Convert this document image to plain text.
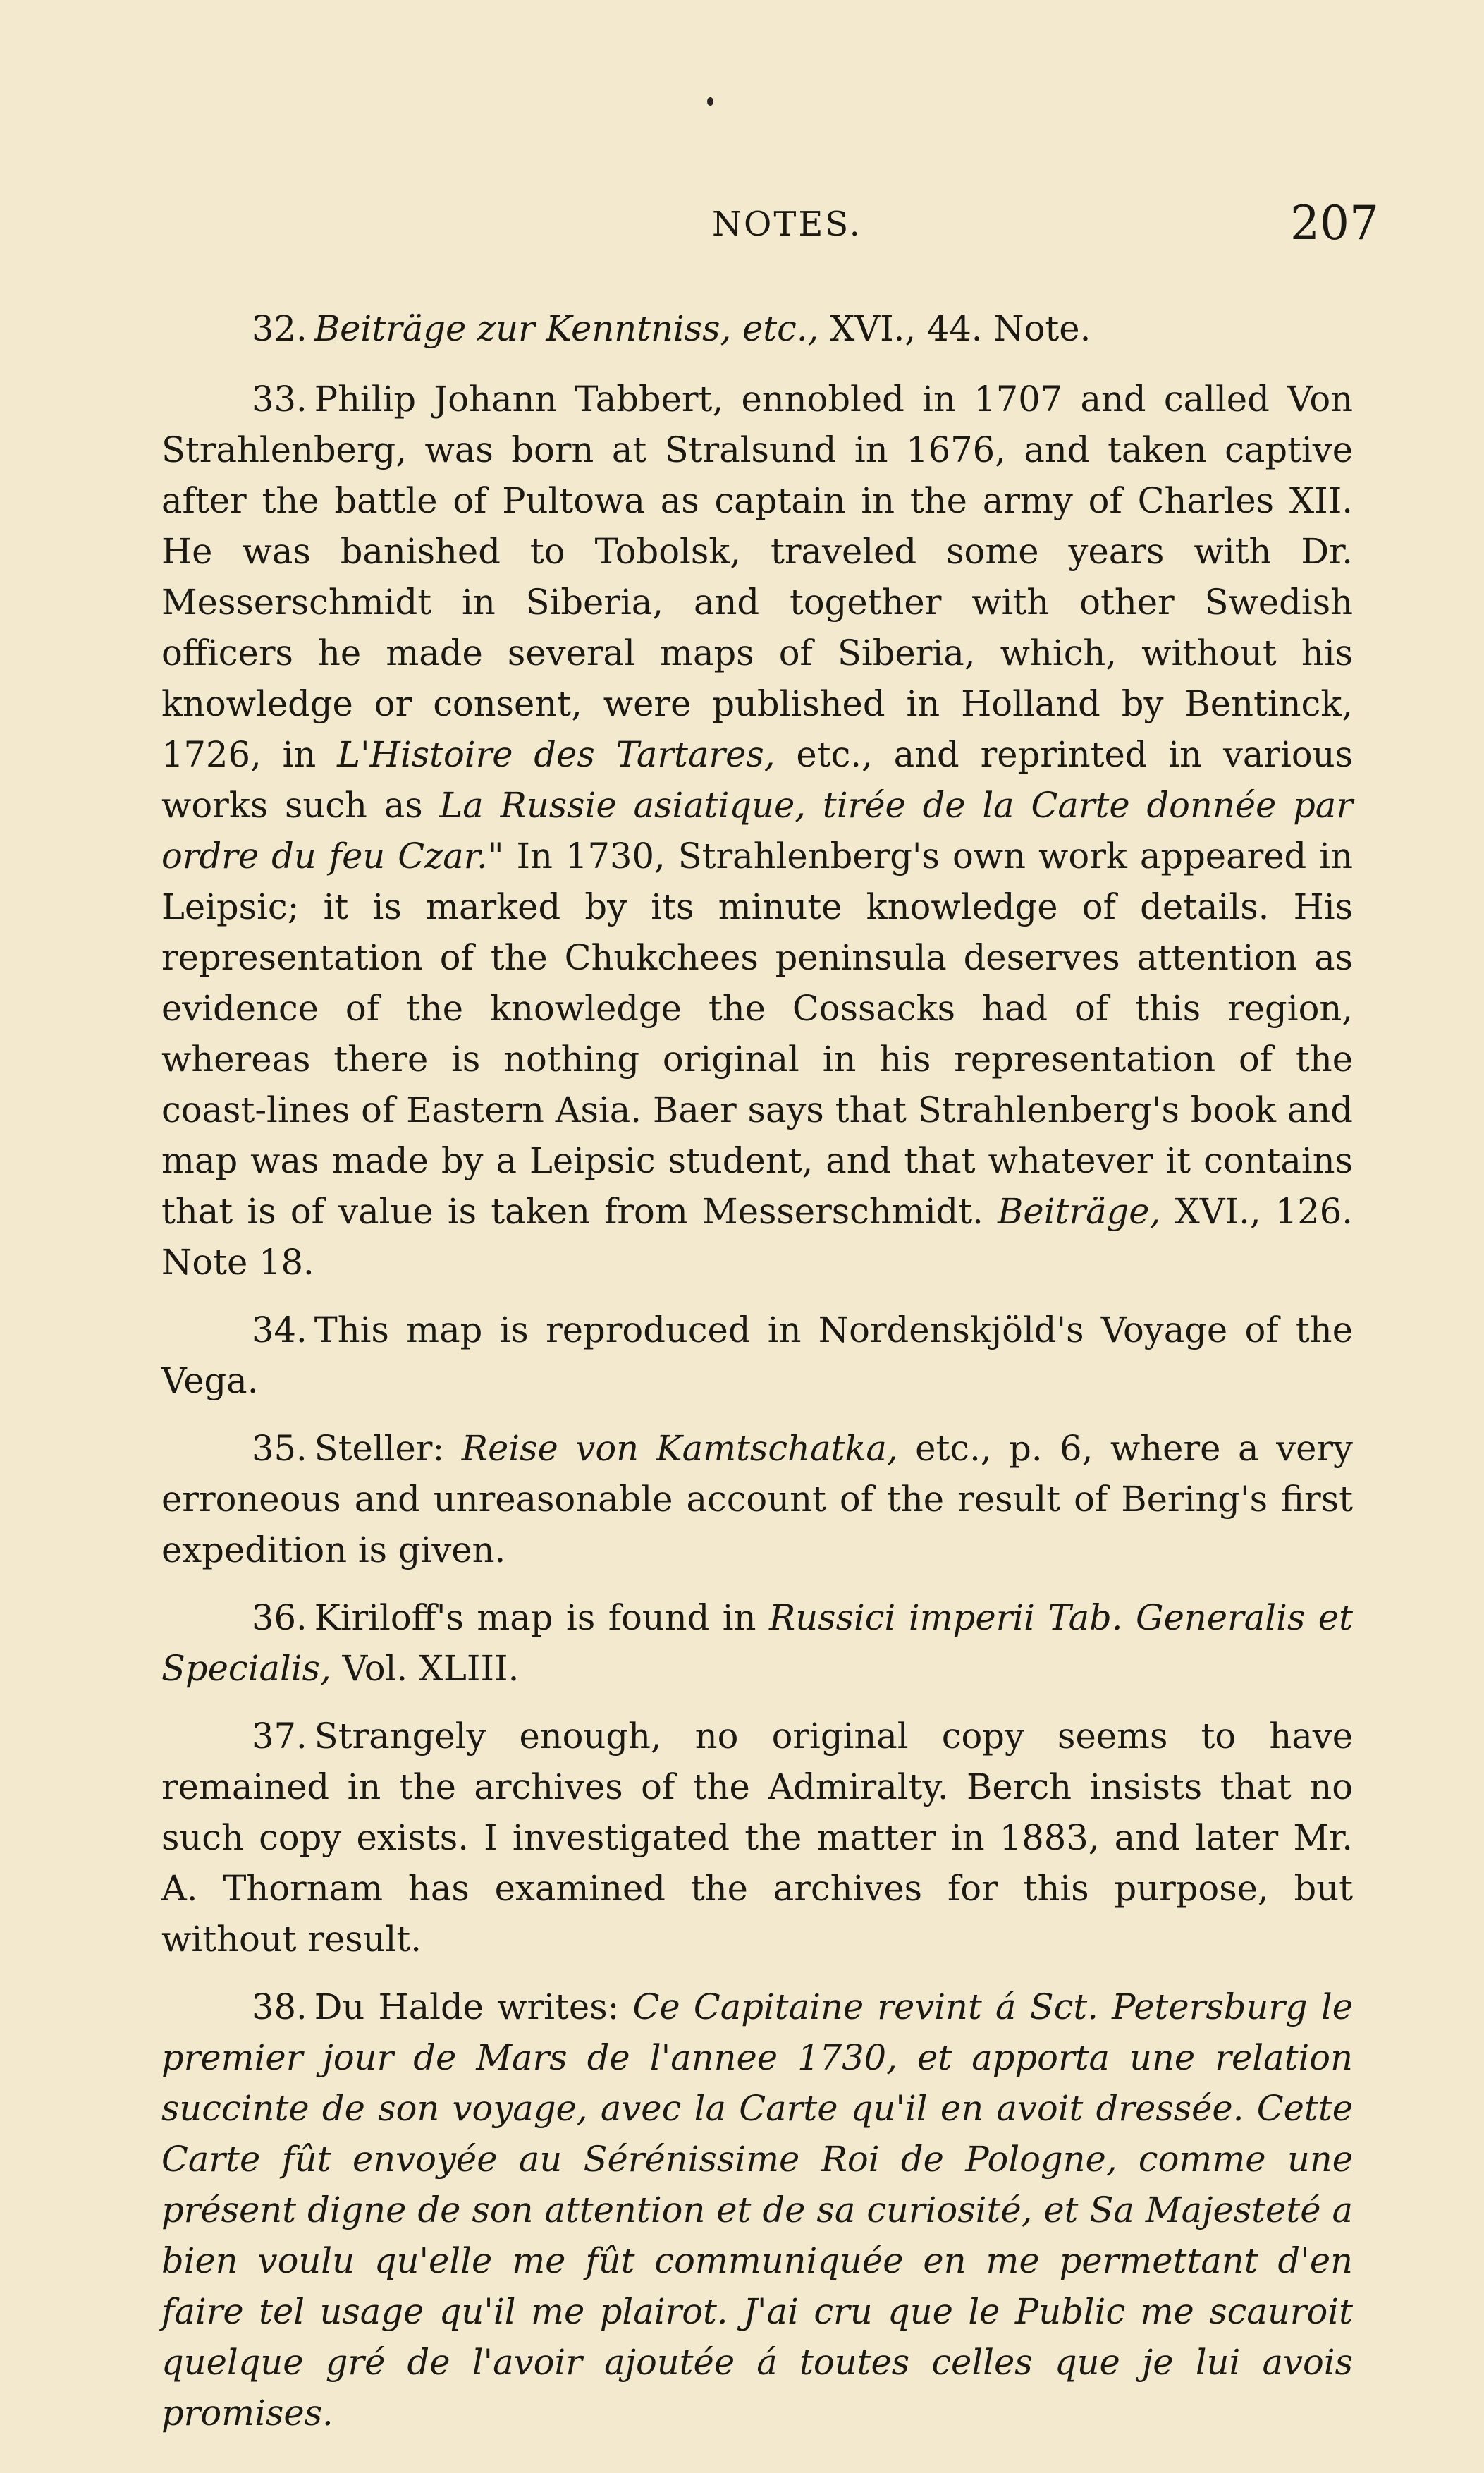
NOTES.	207

32. Beiträge zur Kenntniss, etc., XVI., 44. Note.

33. Philip Johann Tabbert, ennobled in 1707 and called Von Strahlenberg, was born at Stralsund in 1676, and taken captive after the battle of Pultowa as captain in the army of Charles XII. He was banished to Tobolsk, traveled some years with Dr. Messerschmidt in Siberia, and together with other Swedish officers he made several maps of Siberia, which, without his knowledge or consent, were published in Holland by Bentinck, 1726, in L'Histoire des Tartares, etc., and reprinted in various works such as La Russie asiatique, tirée de la Carte donnée par ordre du feu Czar." In 1730, Strahlenberg's own work appeared in Leipsic; it is marked by its minute knowledge of details. His representation of the Chukchees peninsula deserves attention as evidence of the knowledge the Cossacks had of this region, whereas there is nothing original in his representation of the coast-lines of Eastern Asia. Baer says that Strahlenberg's book and map was made by a Leipsic student, and that whatever it contains that is of value is taken from Messerschmidt. Beiträge, XVI., 126. Note 18.

34. This map is reproduced in Nordenskjöld's Voyage of the Vega.

35. Steller: Reise von Kamtschatka, etc., p. 6, where a very erroneous and unreasonable account of the result of Bering's first expedition is given.

36. Kiriloff's map is found in Russici imperii Tab. Generalis et Specialis, Vol. XLIII.

37. Strangely enough, no original copy seems to have remained in the archives of the Admiralty. Berch insists that no such copy exists. I investigated the matter in 1883, and later Mr. A. Thornam has examined the archives for this purpose, but without result.

38. Du Halde writes: Ce Capitaine revint á Sct. Petersburg le premier jour de Mars de l'annee 1730, et apporta une relation succinte de son voyage, avec la Carte qu'il en avoit dressée. Cette Carte fût envoyée au Sérénissime Roi de Pologne, comme une présent digne de son attention et de sa curiosité, et Sa Majesteté a bien voulu qu'elle me fût communiquée en me permettant d'en faire tel usage qu'il me plairot. J'ai cru que le Public me scauroit quelque gré de l'avoir ajoutée á toutes celles que je lui avois promises.
